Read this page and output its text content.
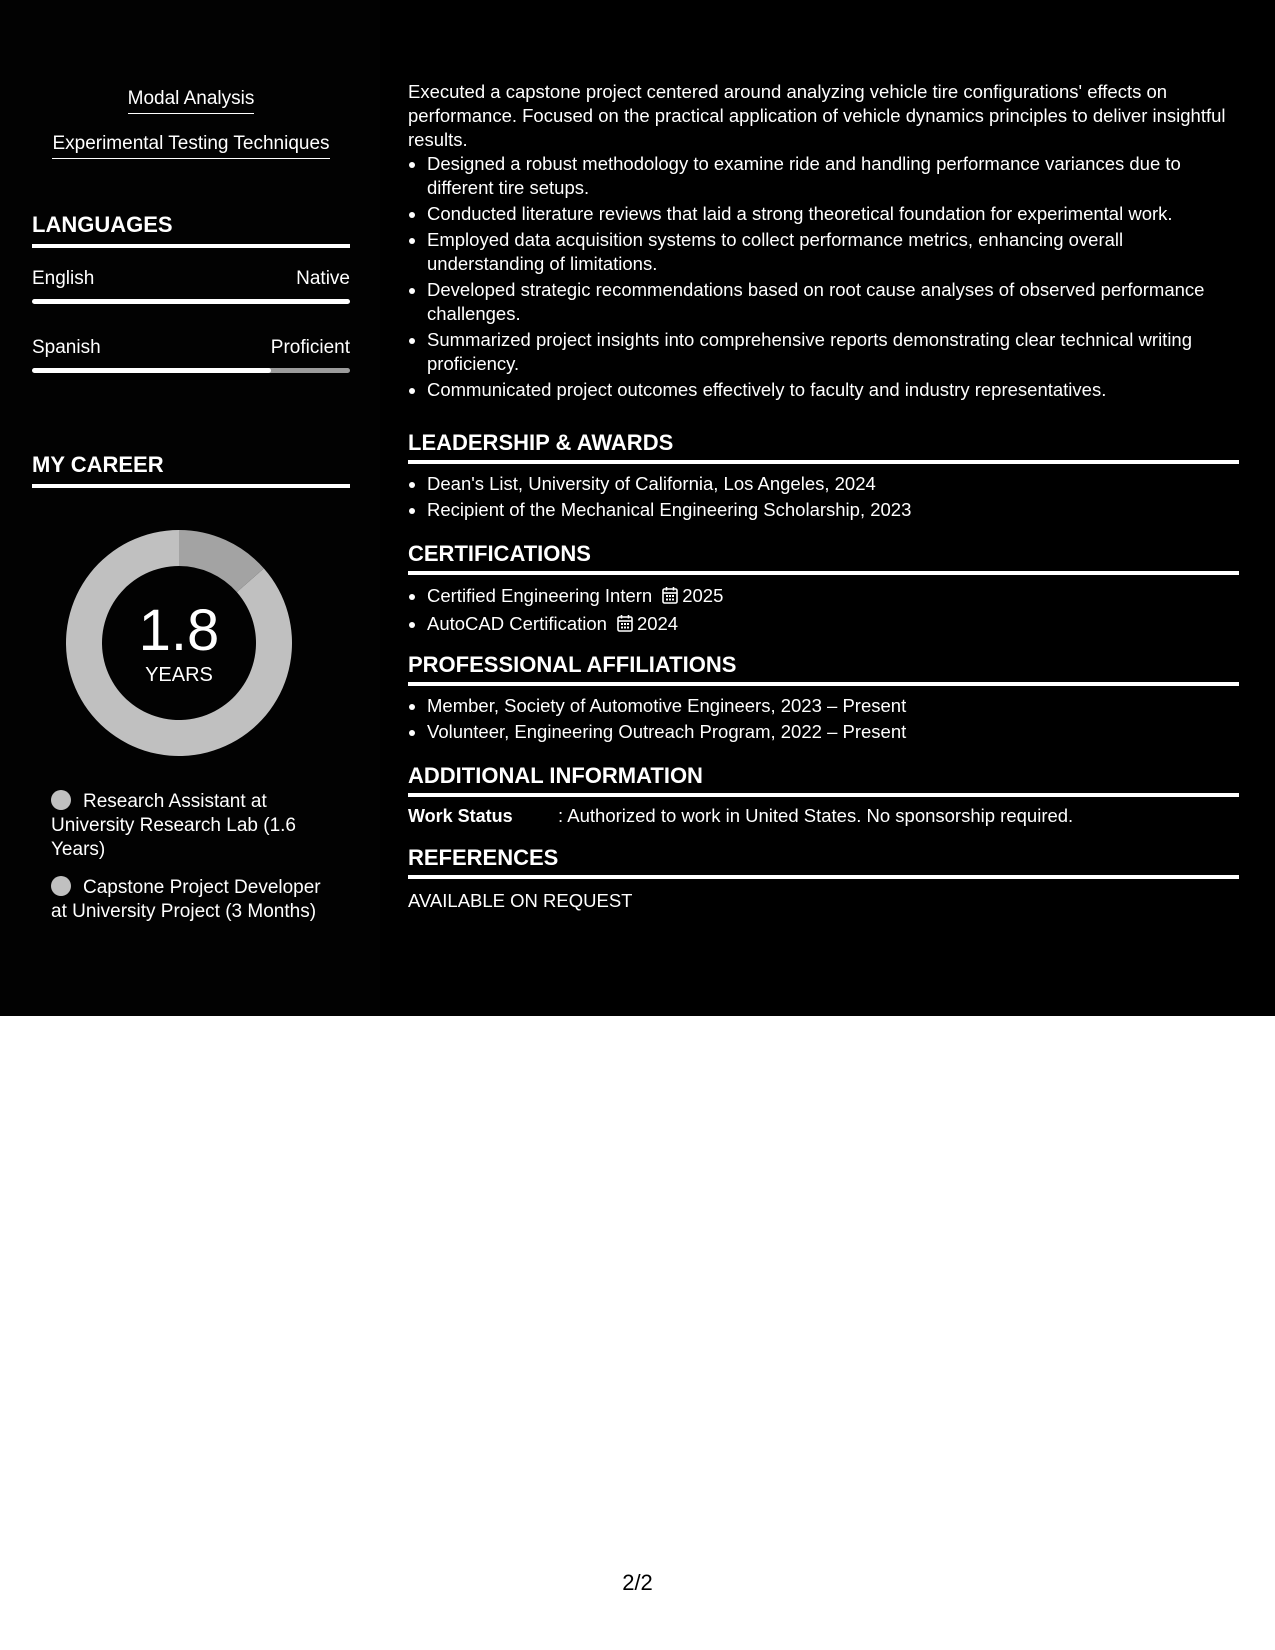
Modal Analysis
Experimental Testing Techniques
LANGUAGES
English	Native
Spanish	Proficient
MY CAREER
1.8
YEARS
Research Assistant at University Research Lab (1.6 Years)
Capstone Project Developer at University Project (3 Months)

Executed a capstone project centered around analyzing vehicle tire configurations' effects on performance. Focused on the practical application of vehicle dynamics principles to deliver insightful results.

• Designed a robust methodology to examine ride and handling performance variances due to different tire setups.
• Conducted literature reviews that laid a strong theoretical foundation for experimental work.
• Employed data acquisition systems to collect performance metrics, enhancing overall understanding of limitations.
• Developed strategic recommendations based on root cause analyses of observed performance challenges.
• Summarized project insights into comprehensive reports demonstrating clear technical writing proficiency.
• Communicated project outcomes effectively to faculty and industry representatives.
LEADERSHIP & AWARDS
• Dean's List, University of California, Los Angeles, 2024
• Recipient of the Mechanical Engineering Scholarship, 2023
CERTIFICATIONS
• Certified Engineering Intern 2025
• AutoCAD Certification 2024
PROFESSIONAL AFFILIATIONS
• Member, Society of Automotive Engineers, 2023 – Present
• Volunteer, Engineering Outreach Program, 2022 – Present
ADDITIONAL INFORMATION
Work Status : Authorized to work in United States. No sponsorship required.
REFERENCES
AVAILABLE ON REQUEST
2/2
